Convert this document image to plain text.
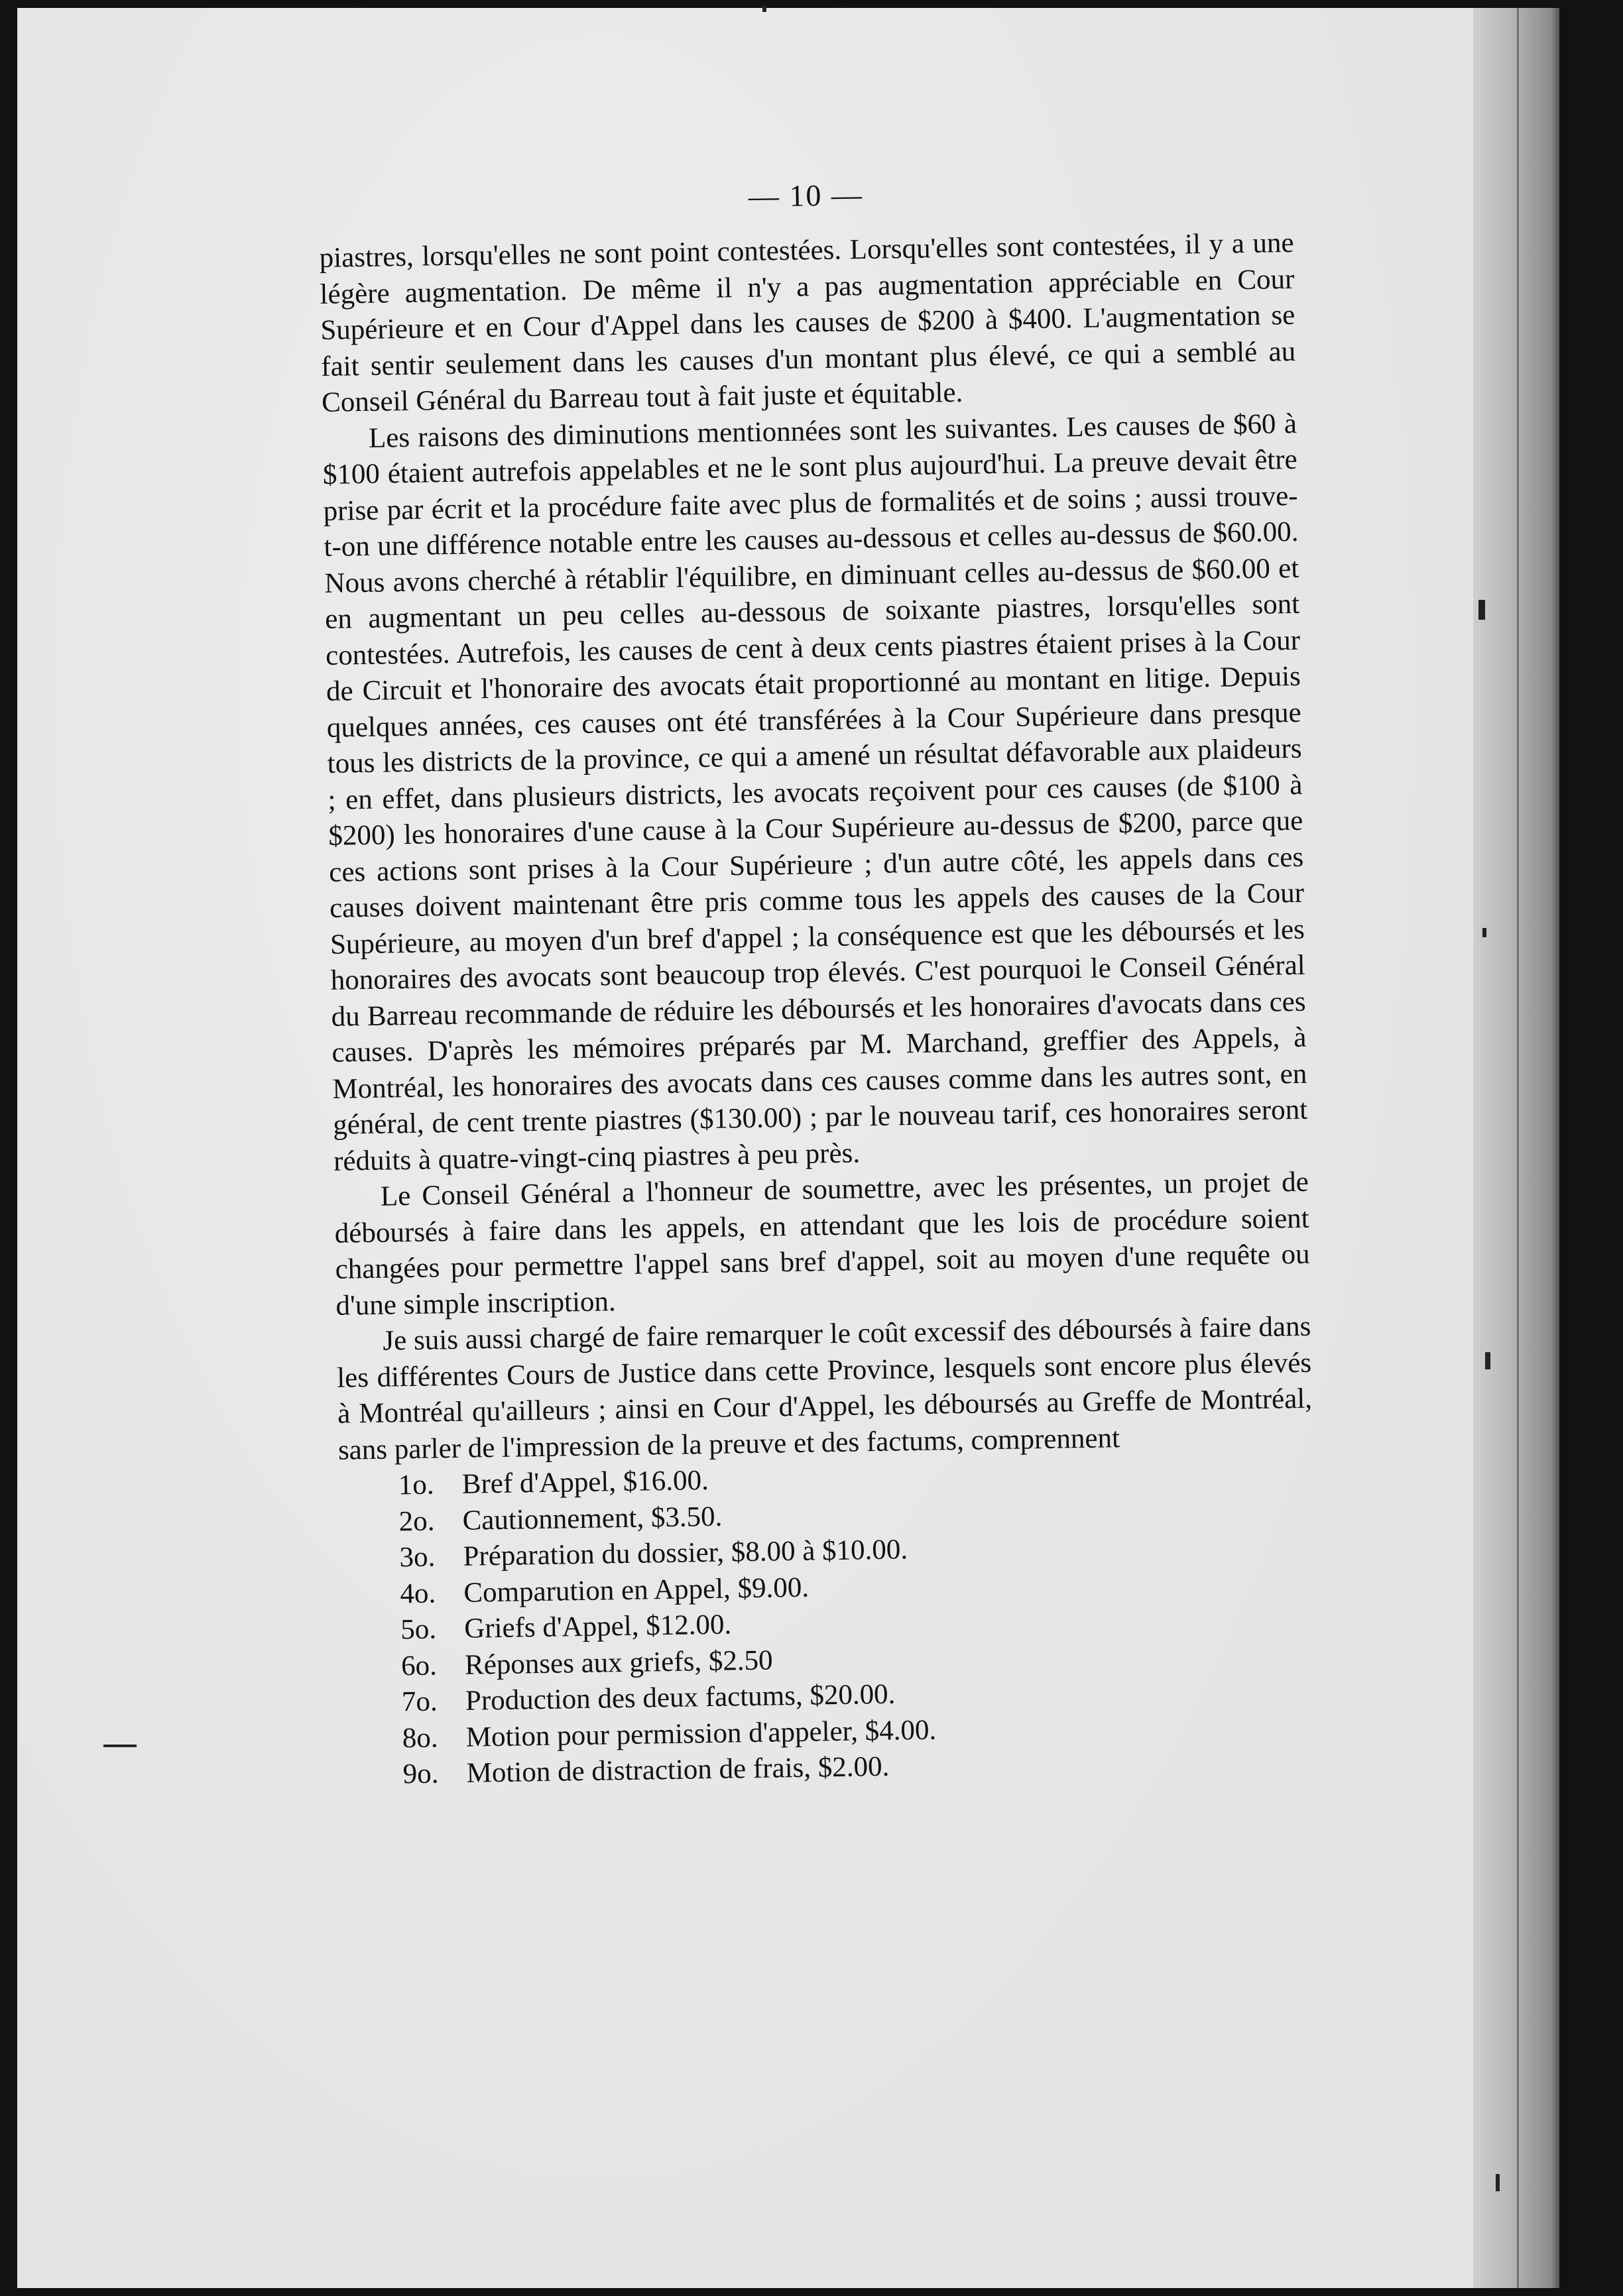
— 10 —

piastres, lorsqu'elles ne sont point contestées. Lorsqu'elles sont contestées, il y a une légère augmentation. De même il n'y a pas augmentation appréciable en Cour Supérieure et en Cour d'Appel dans les causes de $200 à $400. L'augmentation se fait sentir seulement dans les causes d'un montant plus élevé, ce qui a semblé au Conseil Général du Barreau tout à fait juste et équitable.

Les raisons des diminutions mentionnées sont les suivantes. Les causes de $60 à $100 étaient autrefois appelables et ne le sont plus aujourd'hui. La preuve devait être prise par écrit et la procédure faite avec plus de formalités et de soins ; aussi trouve-t-on une différence notable entre les causes au-dessous et celles au-dessus de $60.00. Nous avons cherché à rétablir l'équilibre, en diminuant celles au-dessus de $60.00 et en augmentant un peu celles au-dessous de soixante piastres, lorsqu'elles sont contestées. Autrefois, les causes de cent à deux cents piastres étaient prises à la Cour de Circuit et l'honoraire des avocats était proportionné au montant en litige. Depuis quelques années, ces causes ont été transférées à la Cour Supérieure dans presque tous les districts de la province, ce qui a amené un résultat défavorable aux plaideurs ; en effet, dans plusieurs districts, les avocats reçoivent pour ces causes (de $100 à $200) les honoraires d'une cause à la Cour Supérieure au-dessus de $200, parce que ces actions sont prises à la Cour Supérieure ; d'un autre côté, les appels dans ces causes doivent maintenant être pris comme tous les appels des causes de la Cour Supérieure, au moyen d'un bref d'appel ; la conséquence est que les déboursés et les honoraires des avocats sont beaucoup trop élevés. C'est pourquoi le Conseil Général du Barreau recommande de réduire les déboursés et les honoraires d'avocats dans ces causes. D'après les mémoires préparés par M. Marchand, greffier des Appels, à Montréal, les honoraires des avocats dans ces causes comme dans les autres sont, en général, de cent trente piastres ($130.00) ; par le nouveau tarif, ces honoraires seront réduits à quatre-vingt-cinq piastres à peu près.

Le Conseil Général a l'honneur de soumettre, avec les présentes, un projet de déboursés à faire dans les appels, en attendant que les lois de procédure soient changées pour permettre l'appel sans bref d'appel, soit au moyen d'une requête ou d'une simple inscription.

Je suis aussi chargé de faire remarquer le coût excessif des déboursés à faire dans les différentes Cours de Justice dans cette Province, lesquels sont encore plus élevés à Montréal qu'ailleurs ; ainsi en Cour d'Appel, les déboursés au Greffe de Montréal, sans parler de l'impression de la preuve et des factums, comprennent

1o. Bref d'Appel, $16.00.
2o. Cautionnement, $3.50.
3o. Préparation du dossier, $8.00 à $10.00.
4o. Comparution en Appel, $9.00.
5o. Griefs d'Appel, $12.00.
6o. Réponses aux griefs, $2.50
7o. Production des deux factums, $20.00.
8o. Motion pour permission d'appeler, $4.00.
9o. Motion de distraction de frais, $2.00.
